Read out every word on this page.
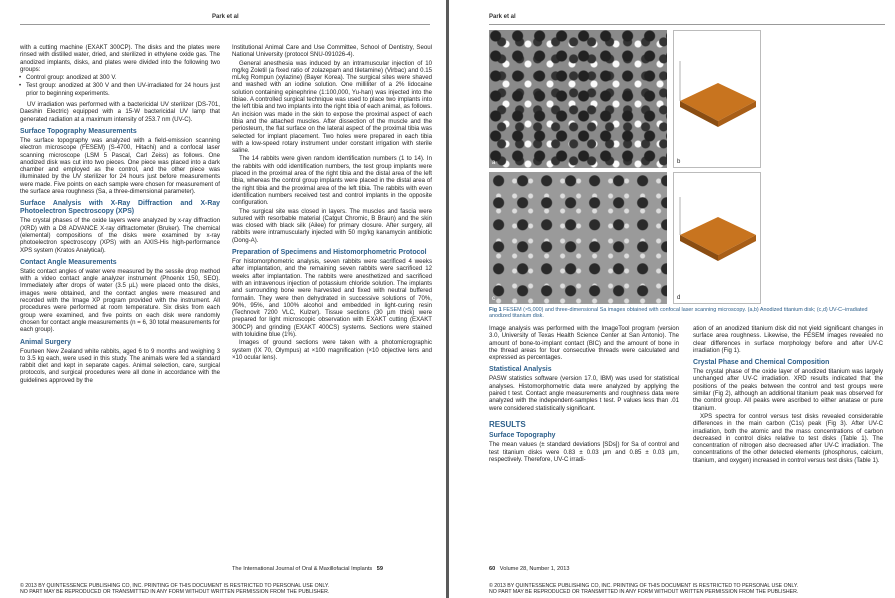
Park et al

with a cutting machine (EXAKT 300CP). The disks and the plates were rinsed with distilled water, dried, and sterilized in ethylene oxide gas. The anodized implants, disks, and plates were divided into the following two groups:

• Control group: anodized at 300 V.

• Test group: anodized at 300 V and then UV-irradiated for 24 hours just prior to beginning experiments.

UV irradiation was performed with a bactericidal UV sterilizer (DS-701, Daeshin Electric) equipped with a 15-W bactericidal UV lamp that generated radiation at a maximum intensity of 253.7 nm (UV-C).

Surface Topography Measurements

The surface topography was analyzed with a field-emission scanning electron microscope (FESEM) (S-4700, Hitachi) and a confocal laser scanning microscope (LSM 5 Pascal, Carl Zeiss) as follows. One anodized disk was cut into two pieces. One piece was placed into a dark chamber and employed as the control, and the other piece was illuminated by the UV sterilizer for 24 hours just before measurements were made. Five points on each sample were chosen for measurement of the surface area roughness (Sa, a three-dimensional parameter).

Surface Analysis with X-Ray Diffraction and X-Ray Photoelectron Spectroscopy (XPS)

The crystal phases of the oxide layers were analyzed by x-ray diffraction (XRD) with a D8 ADVANCE X-ray diffractometer (Bruker). The chemical (elemental) compositions of the disks were examined by x-ray photoelectron spectroscopy (XPS) with an AXIS-His high-performance XPS system (Kratos Analytical).

Contact Angle Measurements

Static contact angles of water were measured by the sessile drop method with a video contact angle analyzer instrument (Phoenix 150, SEO). Immediately after drops of water (3.5 µL) were placed onto the disks, images were obtained, and the contact angles were measured and recorded with the Image XP program provided with the instrument. All procedures were performed at room temperature. Six disks from each group were examined, and five points on each disk were randomly chosen for contact angle measurements (n = 6, 30 total measurements for each group).

Animal Surgery

Fourteen New Zealand white rabbits, aged 6 to 9 months and weighing 3 to 3.5 kg each, were used in this study. The animals were fed a standard rabbit diet and kept in separate cages. Animal selection, care, surgical protocols, and surgical procedures were all done in accordance with the guidelines approved by the

Institutional Animal Care and Use Committee, School of Dentistry, Seoul National University (protocol SNU-091026-4).

General anesthesia was induced by an intramuscular injection of 10 mg/kg Zoletil (a fixed ratio of zolazepam and tiletamine) (Virbac) and 0.15 mL/kg Rompun (xylazine) (Bayer Korea). The surgical sites were shaved and washed with an iodine solution. One milliliter of a 2% lidocaine solution containing epinephrine (1:100,000, Yu-han) was injected into the tibiae. A controlled surgical technique was used to place two implants into the left tibia and two implants into the right tibia of each animal, as follows. An incision was made in the skin to expose the proximal aspect of each tibia and the attached muscles. After dissection of the muscle and the periosteum, the flat surface on the lateral aspect of the proximal tibia was selected for implant placement. Two holes were prepared in each tibia with a low-speed rotary instrument under constant irrigation with sterile saline.

The 14 rabbits were given random identification numbers (1 to 14). In the rabbits with odd identification numbers, the test group implants were placed in the proximal area of the right tibia and the distal area of the left tibia, whereas the control group implants were placed in the distal area of the right tibia and the proximal area of the left tibia. The rabbits with even identification numbers received test and control implants in the opposite configuration.

The surgical site was closed in layers. The muscles and fascia were sutured with resorbable material (Catgut Chromic, B Braun) and the skin was closed with black silk (Ailee) for primary closure. After surgery, all rabbits were intramuscularly injected with 50 mg/kg kanamycin antibiotic (Dong-A).

Preparation of Specimens and Histomorphometric Protocol

For histomorphometric analysis, seven rabbits were sacrificed 4 weeks after implantation, and the remaining seven rabbits were sacrificed 12 weeks after implantation. The rabbits were anesthetized and sacrificed with an intravenous injection of potassium chloride solution. The implants and surrounding bone were harvested and fixed with neutral buffered formalin. They were then dehydrated in successive solutions of 70%, 90%, 95%, and 100% alcohol and embedded in light-curing resin (Technovit 7200 VLC, Kulzer). Tissue sections (30 µm thick) were prepared for light microscopic observation with EXAKT cutting (EXAKT 300CP) and grinding (EXAKT 400CS) systems. Sections were stained with toluidine blue (1%).

Images of ground sections were taken with a photomicrographic system (IX 70, Olympus) at ×100 magnification (×10 objective lens and ×10 ocular lens).

The International Journal of Oral & Maxillofacial Implants 59
© 2013 BY QUINTESSENCE PUBLISHING CO, INC. PRINTING OF THIS DOCUMENT IS RESTRICTED TO PERSONAL USE ONLY.
NO PART MAY BE REPRODUCED OR TRANSMITTED IN ANY FORM WITHOUT WRITTEN PERMISSION FROM THE PUBLISHER.
Park et al
a	b
c	d
Fig 1 FESEM (×5,000) and three-dimensional Sa images obtained with confocal laser scanning microscopy. (a,b) Anodized titanium disk; (c,d) UV-C–irradiated anodized titanium disk.

Image analysis was performed with the ImageTool program (version 3.0, University of Texas Health Science Center at San Antonio). The amount of bone-to-implant contact (BIC) and the amount of bone in the thread areas for four consecutive threads were calculated and expressed as percentages.

Statistical Analysis

PASW statistics software (version 17.0, IBM) was used for statistical analyses. Histomorphometric data were analyzed by applying the paired t test. Contact angle measurements and roughness data were analyzed with the independent-samples t test. P values less than .01 were considered statistically significant.

RESULTS
Surface Topography

The mean values (± standard deviations [SDs]) for Sa of control and test titanium disks were 0.83 ± 0.03 µm and 0.85 ± 0.03 µm, respectively. Therefore, UV-C irradi-

ation of an anodized titanium disk did not yield significant changes in surface area roughness. Likewise, the FESEM images revealed no clear differences in surface morphology before and after UV-C irradiation (Fig 1).

Crystal Phase and Chemical Composition

The crystal phase of the oxide layer of anodized titanium was largely unchanged after UV-C irradiation. XRD results indicated that the positions of the peaks between the control and test groups were similar (Fig 2), although an additional titanium peak was observed for the control group. All peaks were ascribed to either anatase or pure titanium.

XPS spectra for control versus test disks revealed considerable differences in the main carbon (C1s) peak (Fig 3). After UV-C irradiation, both the atomic and the mass concentrations of carbon decreased in control disks relative to test disks (Table 1). The concentration of nitrogen also decreased after UV-C irradiation. The concentrations of the other detected elements (phosphorus, calcium, titanium, and oxygen) increased in control versus test disks (Table 1).

60 Volume 28, Number 1, 2013
© 2013 BY QUINTESSENCE PUBLISHING CO, INC. PRINTING OF THIS DOCUMENT IS RESTRICTED TO PERSONAL USE ONLY.
NO PART MAY BE REPRODUCED OR TRANSMITTED IN ANY FORM WITHOUT WRITTEN PERMISSION FROM THE PUBLISHER.
